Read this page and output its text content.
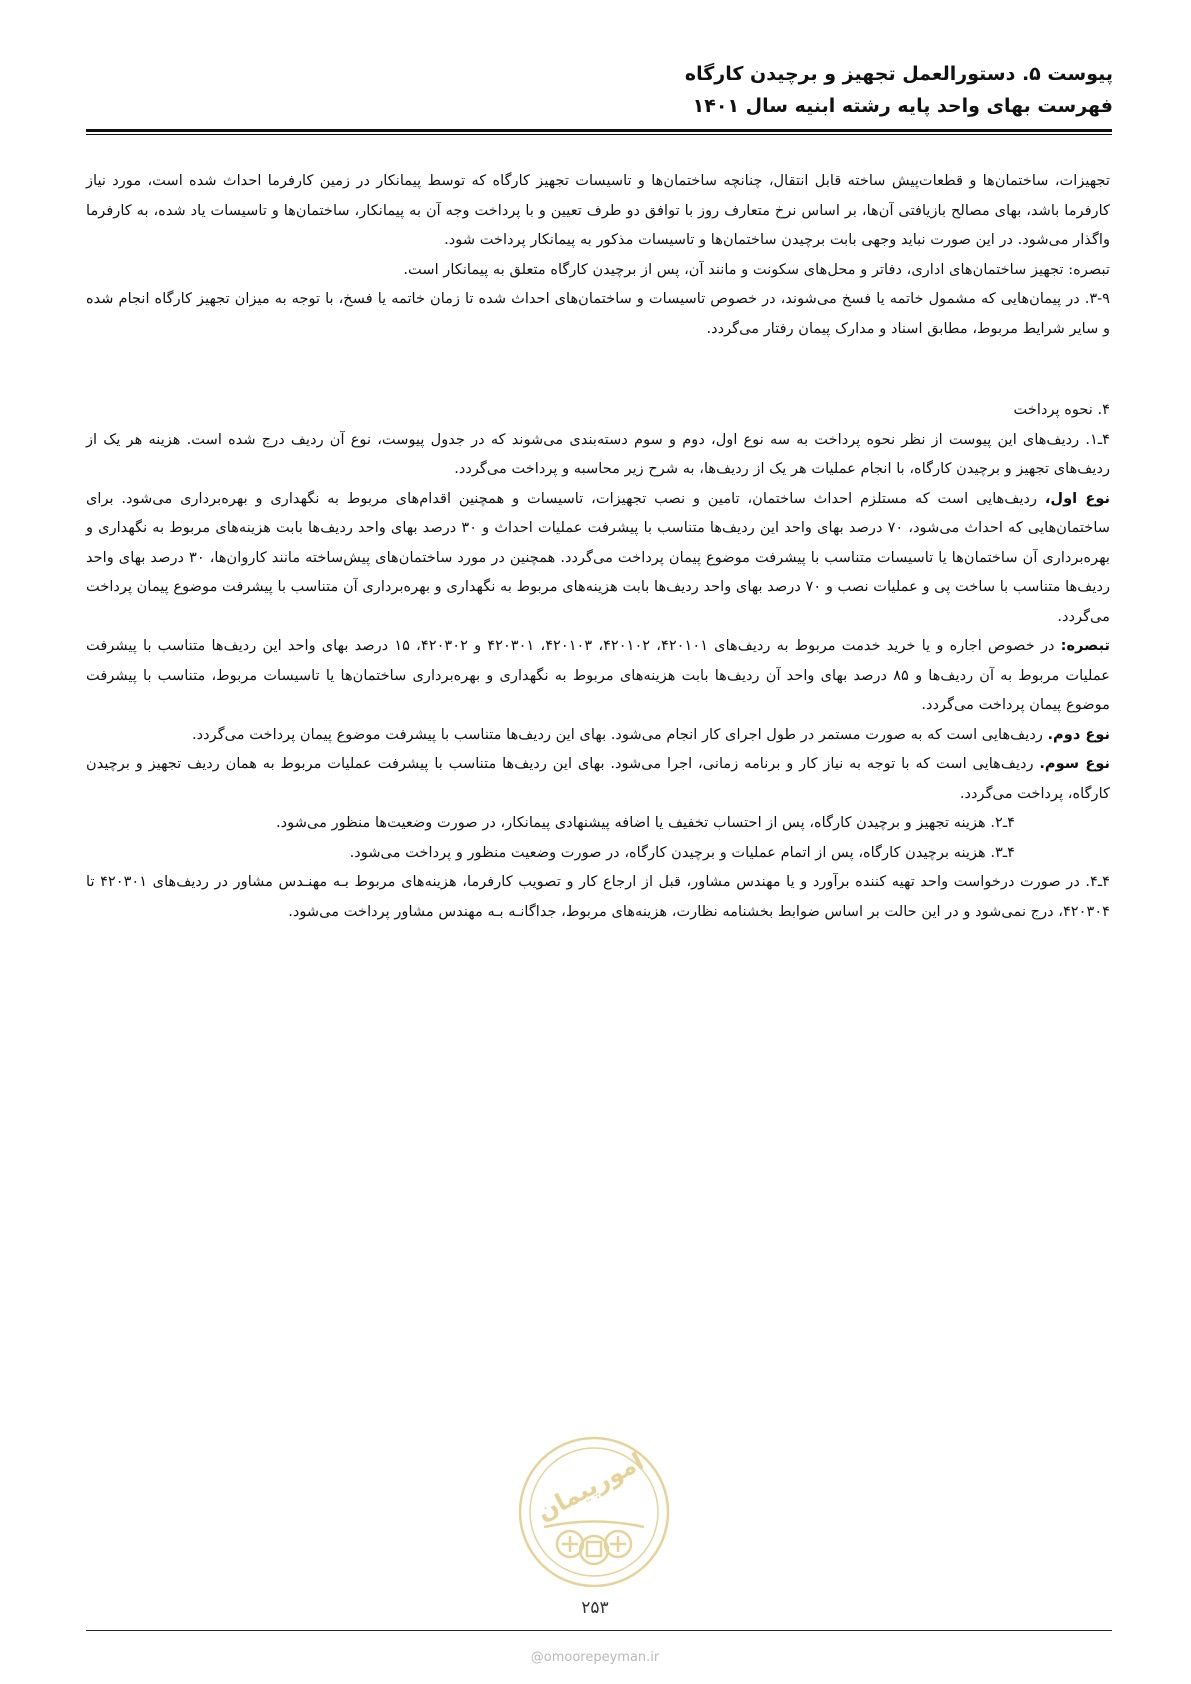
پیوست ۵. دستورالعمل تجهیز و برچیدن کارگاه
فهرست بهای واحد پایه رشته ابنیه سال ۱۴۰۱

تجهیزات، ساختمان‌ها و قطعات‌پیش ساخته قابل انتقال، چنانچه ساختمان‌ها و تاسیسات تجهیز کارگاه که توسط پیمانکار در زمین کارفرما احداث شده است، مورد نیاز کارفرما باشد، بهای مصالح بازیافتی آن‌ها، بر اساس نرخ متعارف روز با توافق دو طرف تعیین و با پرداخت وجه آن به پیمانکار، ساختمان‌ها و تاسیسات یاد شده، به کارفرما واگذار می‌شود. در این صورت نباید وجهی بابت برچیدن ساختمان‌ها و تاسیسات مذکور به پیمانکار پرداخت شود.

تبصره: تجهیز ساختمان‌های اداری، دفاتر و محل‌های سکونت و مانند آن، پس از برچیدن کارگاه متعلق به پیمانکار است.

۳-۹. در پیمان‌هایی که مشمول خاتمه یا فسخ می‌شوند، در خصوص تاسیسات و ساختمان‌های احداث شده تا زمان خاتمه یا فسخ، با توجه به میزان تجهیز کارگاه انجام شده و سایر شرایط مربوط، مطابق اسناد و مدارک پیمان رفتار می‌گردد.

۴. نحوه پرداخت

۴ـ۱. ردیف‌های این پیوست از نظر نحوه پرداخت به سه نوع اول، دوم و سوم دسته‌بندی می‌شوند که در جدول پیوست، نوع آن ردیف درج شده است. هزینه هر یک از ردیف‌های تجهیز و برچیدن کارگاه، با انجام عملیات هر یک از ردیف‌ها، به شرح زیر محاسبه و پرداخت می‌گردد.

نوع اول، ردیف‌هایی است که مستلزم احداث ساختمان، تامین و نصب تجهیزات، تاسیسات و همچنین اقدام‌های مربوط به نگهداری و بهره‌برداری می‌شود. برای ساختمان‌هایی که احداث می‌شود، ۷۰ درصد بهای واحد این ردیف‌ها متناسب با پیشرفت عملیات احداث و ۳۰ درصد بهای واحد ردیف‌ها بابت هزینه‌های مربوط به نگهداری و بهره‌برداری آن ساختمان‌ها یا تاسیسات متناسب با پیشرفت موضوع پیمان پرداخت می‌گردد. همچنین در مورد ساختمان‌های پیش‌ساخته مانند کاروان‌ها، ۳۰ درصد بهای واحد ردیف‌ها متناسب با ساخت پی و عملیات نصب و ۷۰ درصد بهای واحد ردیف‌ها بابت هزینه‌های مربوط به نگهداری و بهره‌برداری آن متناسب با پیشرفت موضوع پیمان پرداخت می‌گردد.

تبصره: در خصوص اجاره و یا خرید خدمت مربوط به ردیف‌های ۴۲۰۱۰۱، ۴۲۰۱۰۲، ۴۲۰۱۰۳، ۴۲۰۳۰۱ و ۴۲۰۳۰۲، ۱۵ درصد بهای واحد این ردیف‌ها متناسب با پیشرفت عملیات مربوط به آن ردیف‌ها و ۸۵ درصد بهای واحد آن ردیف‌ها بابت هزینه‌های مربوط به نگهداری و بهره‌برداری ساختمان‌ها یا تاسیسات مربوط، متناسب با پیشرفت موضوع پیمان پرداخت می‌گردد.

نوع دوم. ردیف‌هایی است که به صورت مستمر در طول اجرای کار انجام می‌شود. بهای این ردیف‌ها متناسب با پیشرفت موضوع پیمان پرداخت می‌گردد.

نوع سوم. ردیف‌هایی است که با توجه به نیاز کار و برنامه زمانی، اجرا می‌شود. بهای این ردیف‌ها متناسب با پیشرفت عملیات مربوط به همان ردیف تجهیز و برچیدن کارگاه، پرداخت می‌گردد.

۴ـ۲. هزینه تجهیز و برچیدن کارگاه، پس از احتساب تخفیف یا اضافه پیشنهادی پیمانکار، در صورت وضعیت‌ها منظور می‌شود.

۴ـ۳. هزینه برچیدن کارگاه، پس از اتمام عملیات و برچیدن کارگاه، در صورت وضعیت منظور و پرداخت می‌شود.

۴ـ۴. در صورت درخواست واحد تهیه کننده برآورد و یا مهندس مشاور، قبل از ارجاع کار و تصویب کارفرما، هزینه‌های مربوط بـه مهنـدس مشاور در ردیف‌های ۴۲۰۳۰۱ تا ۴۲۰۳۰۴، درج نمی‌شود و در این حالت بر اساس ضوابط بخشنامه نظارت، هزینه‌های مربوط، جداگانـه بـه مهندس مشاور پرداخت می‌شود.

امورپیمان
۲۵۳
@omoorepeyman.ir
